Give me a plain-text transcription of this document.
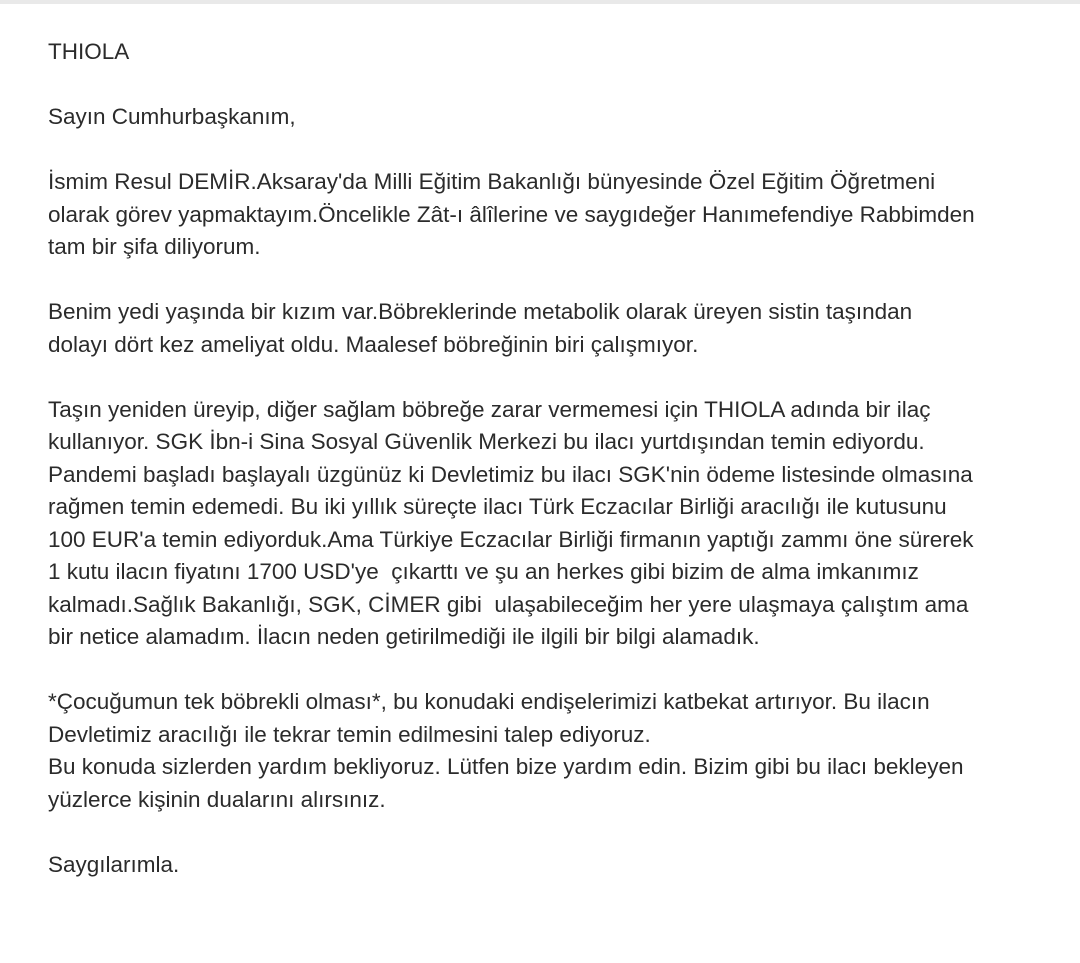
THIOLA
Sayın Cumhurbaşkanım,
İsmim Resul DEMİR.Aksaray'da Milli Eğitim Bakanlığı bünyesinde Özel Eğitim Öğretmeni
olarak görev yapmaktayım.Öncelikle Zât-ı âlîlerine ve saygıdeğer Hanımefendiye Rabbimden
tam bir şifa diliyorum.
Benim yedi yaşında bir kızım var.Böbreklerinde metabolik olarak üreyen sistin taşından
dolayı dört kez ameliyat oldu. Maalesef böbreğinin biri çalışmıyor.
Taşın yeniden üreyip, diğer sağlam böbreğe zarar vermemesi için THIOLA adında bir ilaç
kullanıyor. SGK İbn-i Sina Sosyal Güvenlik Merkezi bu ilacı yurtdışından temin ediyordu.
Pandemi başladı başlayalı üzgünüz ki Devletimiz bu ilacı SGK'nin ödeme listesinde olmasına
rağmen temin edemedi. Bu iki yıllık süreçte ilacı Türk Eczacılar Birliği aracılığı ile kutusunu
100 EUR'a temin ediyorduk.Ama Türkiye Eczacılar Birliği firmanın yaptığı zammı öne sürerek
1 kutu ilacın fiyatını 1700 USD'ye  çıkarttı ve şu an herkes gibi bizim de alma imkanımız
kalmadı.Sağlık Bakanlığı, SGK, CİMER gibi  ulaşabileceğim her yere ulaşmaya çalıştım ama
bir netice alamadım. İlacın neden getirilmediği ile ilgili bir bilgi alamadık.
*Çocuğumun tek böbrekli olması*, bu konudaki endişelerimizi katbekat artırıyor. Bu ilacın
Devletimiz aracılığı ile tekrar temin edilmesini talep ediyoruz.
Bu konuda sizlerden yardım bekliyoruz. Lütfen bize yardım edin. Bizim gibi bu ilacı bekleyen
yüzlerce kişinin dualarını alırsınız.
Saygılarımla.
